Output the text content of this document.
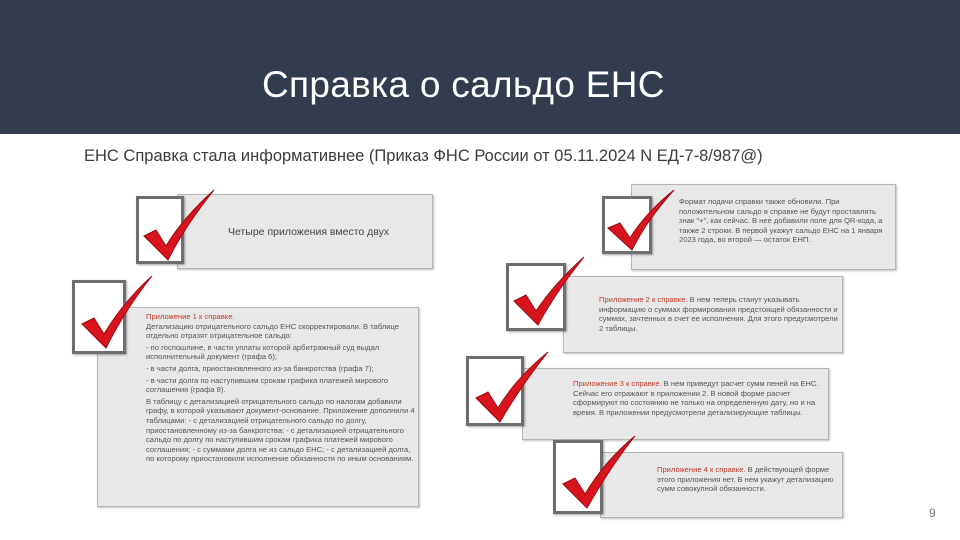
Справка о сальдо ЕНС
ЕНС Справка стала информативнее (Приказ ФНС России от 05.11.2024 N ЕД-7-8/987@)
Четыре приложения вместо двух
Формат подачи справки также обновили. При положительном сальдо в справке не будут проставлять знак "+", как сейчас. В нее добавили поле для QR-кода, а также 2 строки. В первой укажут сальдо ЕНС на 1 января 2023 года, во второй — остаток ЕНП.

Приложение 1 к справке.
Детализацию отрицательного сальдо ЕНС скорректировали. В таблице отдельно отразят отрицательное сальдо:

- по госпошлине, в части уплаты которой арбитражный суд выдал исполнительный документ (графа 6);

- в части долга, приостановленного из-за банкротства (графа 7);

- в части долга по наступившим срокам графика платежей мирового соглашения (графа 8).

В таблицу с детализацией отрицательного сальдо по налогам добавили графу, в которой указывают документ-основание. Приложение дополнили 4 таблицами: - с детализацией отрицательного сальдо по долгу, приостановленному из-за банкротства; - с детализацией отрицательного сальдо по долгу по наступившим срокам графика платежей мирового соглашения; - с суммами долга не из сальдо ЕНС; - с детализацией долга, по которому приостановили исполнение обязанности по иным основаниям.

Приложение 2 к справке. В нем теперь станут указывать информацию о суммах формирования предстоящей обязанности и суммах, зачтенных в счет ее исполнения. Для этого предусмотрели 2 таблицы.
Приложение 3 к справке. В нем приведут расчет сумм пеней на ЕНС. Сейчас его отражают в приложении 2. В новой форме расчет сформируют по состоянию не только на определенную дату, но и на время. В приложении предусмотрели детализирующие таблицы.
Приложение 4 к справке. В действующей форме этого приложения нет. В нем укажут детализацию сумм совокупной обязанности.
9
